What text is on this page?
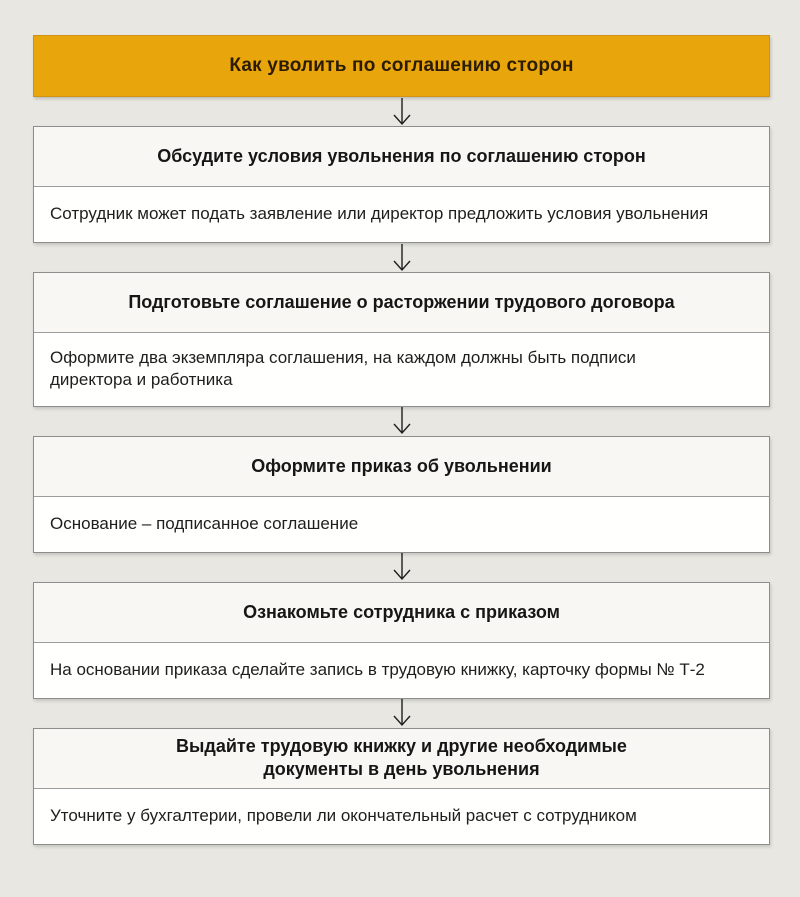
Как уволить по соглашению сторон
Обсудите условия увольнения по соглашению сторон
Сотрудник может подать заявление или директор предложить условия увольнения
Подготовьте соглашение о расторжении трудового договора
Оформите два экземпляра соглашения, на каждом должны быть подписи директора и работника
Оформите приказ об увольнении
Основание – подписанное соглашение
Ознакомьте сотрудника с приказом
На основании приказа сделайте запись в трудовую книжку, карточку формы № Т-2
Выдайте трудовую книжку и другие необходимые документы в день увольнения
Уточните у бухгалтерии, провели ли окончательный расчет с сотрудником
